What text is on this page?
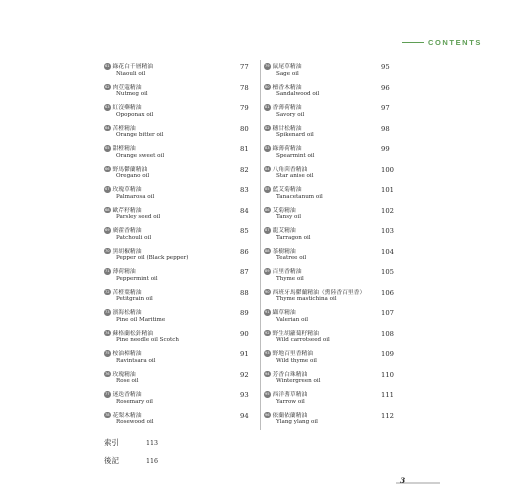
CONTENTS
61 綠花白千層精油
Niaouli oil
77
62 肉荳蔻精油
Nutmeg oil
78
63 紅沒藥精油
Opoponax oil
79
64 苦橙精油
Orange bitter oil
80
65 甜橙精油
Orange sweet oil
81
66 野馬鬱蘭精油
Oregano oil
82
67 玫瑰草精油
Palmarosa oil
83
68 歐芹籽精油
Parsley seed oil
84
69 廣藿香精油
Patchouli oil
85
70 黑胡椒精油
Pepper oil (Black pepper)
86
71 薄荷精油
Peppermint oil
87
72 苦橙葉精油
Petitgrain oil
88
73 濱海松精油
Pine oil Maritime
89
74 蘇格蘭松針精油
Pine needle oil Scotch
90
75 桉油樟精油
Ravintsara oil
91
76 玫瑰精油
Rose oil
92
77 迷迭香精油
Rosemary oil
93
78 花梨木精油
Rosewood oil
94
79 鼠尾草精油
Sage oil
95
80 檀香木精油
Sandalwood oil
96
81 香薄荷精油
Savory oil
97
82 穗甘松精油
Spikenard oil
98
83 綠薄荷精油
Spearmint oil
99
84 八角茴香精油
Star anise oil
100
85 藍艾菊精油
Tanacetanum oil
101
86 艾菊精油
Tansy oil
102
87 龍艾精油
Tarragon oil
103
88 茶樹精油
Teatree oil
104
89 百里香精油
Thyme oil
105
90 西班牙馬鬱蘭精油（熏陸香百里香）
Thyme mastichina oil
106
91 纈草精油
Valerian oil
107
92 野生胡蘿蔔籽精油
Wild carrotseed oil
108
93 野地百里香精油
Wild thyme oil
109
94 芳香白珠精油
Wintergreen oil
110
95 西洋蓍草精油
Yarrow oil
111
96 依蘭依蘭精油
Ylang ylang oil
112
索引	113
後記	116
3
